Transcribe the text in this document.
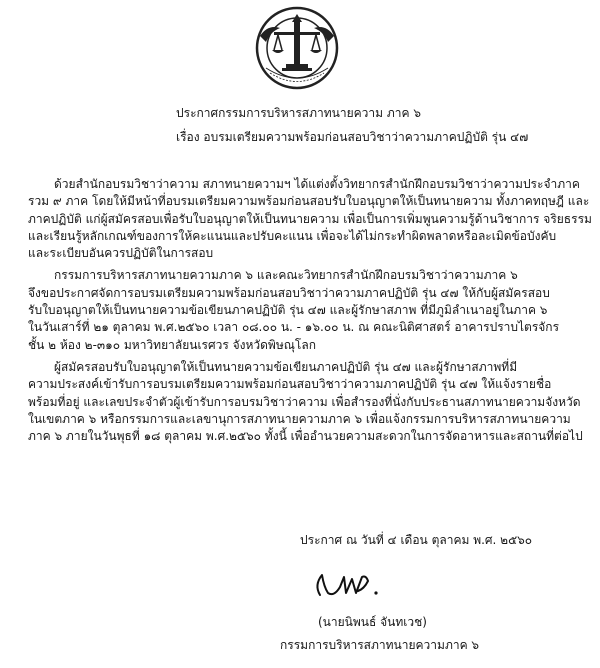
ประกาศกรรมการบริหารสภาทนายความ ภาค ๖
เรื่อง อบรมเตรียมความพร้อมก่อนสอบวิชาว่าความภาคปฏิบัติ รุ่น ๔๗

ด้วยสำนักอบรมวิชาว่าความ สภาทนายความฯ ได้แต่งตั้งวิทยากรสำนักฝึกอบรมวิชาว่าความประจำภาค
รวม ๙ ภาค โดยให้มีหน้าที่อบรมเตรียมความพร้อมก่อนสอบรับใบอนุญาตให้เป็นทนายความ ทั้งภาคทฤษฎี และ
ภาคปฏิบัติ แก่ผู้สมัครสอบเพื่อรับใบอนุญาตให้เป็นทนายความ เพื่อเป็นการเพิ่มพูนความรู้ด้านวิชาการ จริยธรรม
และเรียนรู้หลักเกณฑ์ของการให้คะแนนและปรับคะแนน เพื่อจะได้ไม่กระทำผิดพลาดหรือละเมิดข้อบังคับ
และระเบียบอันควรปฏิบัติในการสอบ

กรรมการบริหารสภาทนายความภาค ๖ และคณะวิทยากรสำนักฝึกอบรมวิชาว่าความภาค ๖
จึงขอประกาศจัดการอบรมเตรียมความพร้อมก่อนสอบวิชาว่าความภาคปฏิบัติ รุ่น ๔๗ ให้กับผู้สมัครสอบ
รับใบอนุญาตให้เป็นทนายความข้อเขียนภาคปฏิบัติ รุ่น ๔๗ และผู้รักษาสภาพ ที่มีภูมิลำเนาอยู่ในภาค ๖
ในวันเสาร์ที่ ๒๑ ตุลาคม พ.ศ.๒๕๖๐ เวลา ๐๘.๐๐ น. - ๑๖.๐๐ น. ณ คณะนิติศาสตร์ อาคารปราบไตรจักร
ชั้น ๒ ห้อง ๒-๓๑๐ มหาวิทยาลัยนเรศวร จังหวัดพิษณุโลก

ผู้สมัครสอบรับใบอนุญาตให้เป็นทนายความข้อเขียนภาคปฏิบัติ รุ่น ๔๗ และผู้รักษาสภาพที่มี
ความประสงค์เข้ารับการอบรมเตรียมความพร้อมก่อนสอบวิชาว่าความภาคปฏิบัติ รุ่น ๔๗ ให้แจ้งรายชื่อ
พร้อมที่อยู่ และเลขประจำตัวผู้เข้ารับการอบรมวิชาว่าความ เพื่อสำรองที่นั่งกับประธานสภาทนายความจังหวัด
ในเขตภาค ๖ หรือกรรมการและเลขานุการสภาทนายความภาค ๖ เพื่อแจ้งกรรมการบริหารสภาทนายความ
ภาค ๖ ภายในวันพุธที่ ๑๘ ตุลาคม พ.ศ.๒๕๖๐ ทั้งนี้ เพื่ออำนวยความสะดวกในการจัดอาหารและสถานที่ต่อไป

ประกาศ ณ วันที่ ๔ เดือน ตุลาคม พ.ศ. ๒๕๖๐
(นายนิพนธ์ จันทเวช)
กรรมการบริหารสภาทนายความภาค ๖
